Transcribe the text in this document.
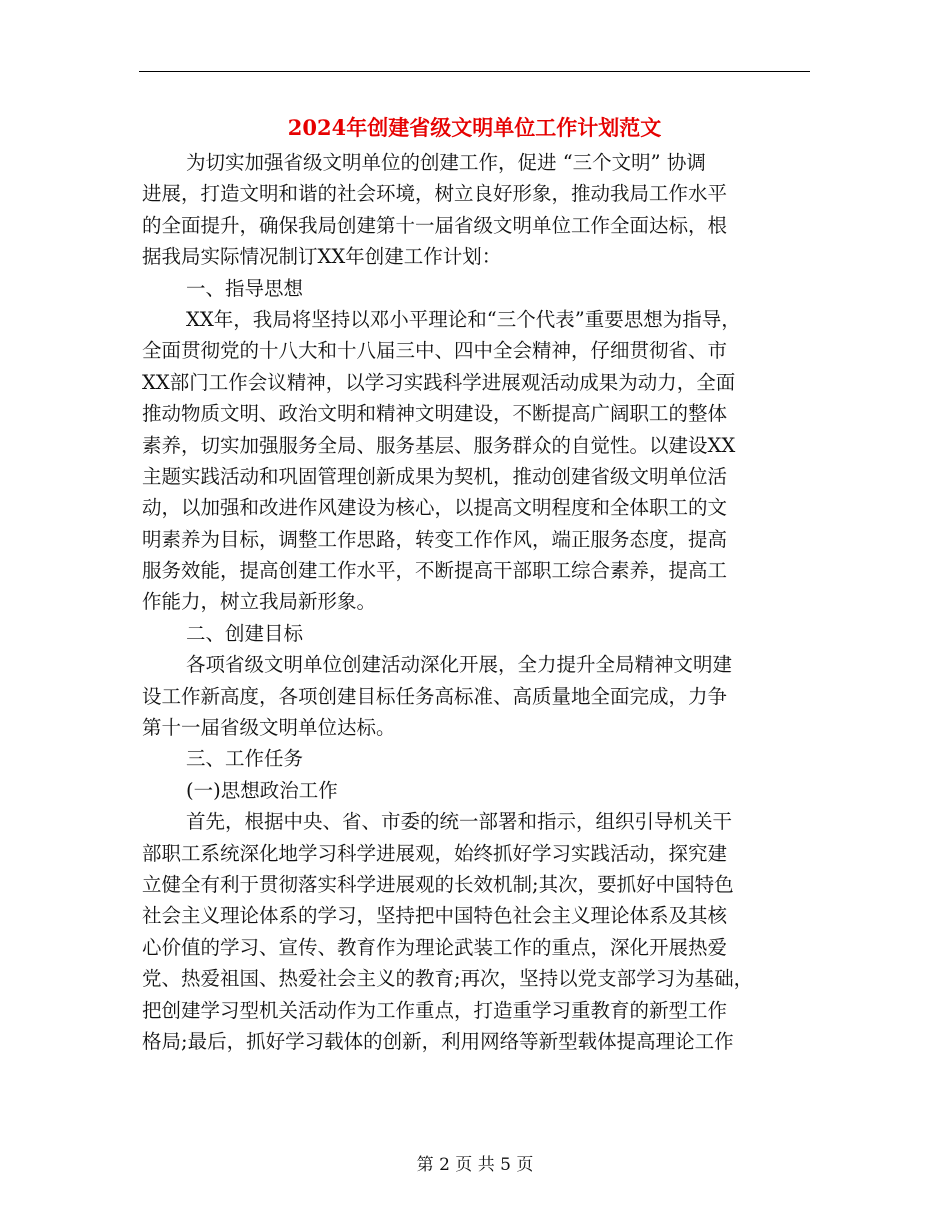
2024年创建省级文明单位工作计划范文
为切实加强省级文明单位的创建工作，促进 “三个文明” 协调
进展，打造文明和谐的社会环境，树立良好形象，推动我局工作水平
的全面提升，确保我局创建第十一届省级文明单位工作全面达标，根
据我局实际情况制订XX年创建工作计划：
一、指导思想
XX年，我局将坚持以邓小平理论和“三个代表”重要思想为指导，
全面贯彻党的十八大和十八届三中、四中全会精神，仔细贯彻省、市
XX部门工作会议精神，以学习实践科学进展观活动成果为动力，全面
推动物质文明、政治文明和精神文明建设，不断提高广阔职工的整体
素养，切实加强服务全局、服务基层、服务群众的自觉性。以建设XX
主题实践活动和巩固管理创新成果为契机，推动创建省级文明单位活
动，以加强和改进作风建设为核心，以提高文明程度和全体职工的文
明素养为目标，调整工作思路，转变工作作风，端正服务态度，提高
服务效能，提高创建工作水平，不断提高干部职工综合素养，提高工
作能力，树立我局新形象。
二、创建目标
各项省级文明单位创建活动深化开展，全力提升全局精神文明建
设工作新高度，各项创建目标任务高标准、高质量地全面完成，力争
第十一届省级文明单位达标。
三、工作任务
(一)思想政治工作
首先，根据中央、省、市委的统一部署和指示，组织引导机关干
部职工系统深化地学习科学进展观，始终抓好学习实践活动，探究建
立健全有利于贯彻落实科学进展观的长效机制;其次，要抓好中国特色
社会主义理论体系的学习，坚持把中国特色社会主义理论体系及其核
心价值的学习、宣传、教育作为理论武装工作的重点，深化开展热爱
党、热爱祖国、热爱社会主义的教育;再次，坚持以党支部学习为基础，
把创建学习型机关活动作为工作重点，打造重学习重教育的新型工作
格局;最后，抓好学习载体的创新，利用网络等新型载体提高理论工作
第 2 页 共 5 页
